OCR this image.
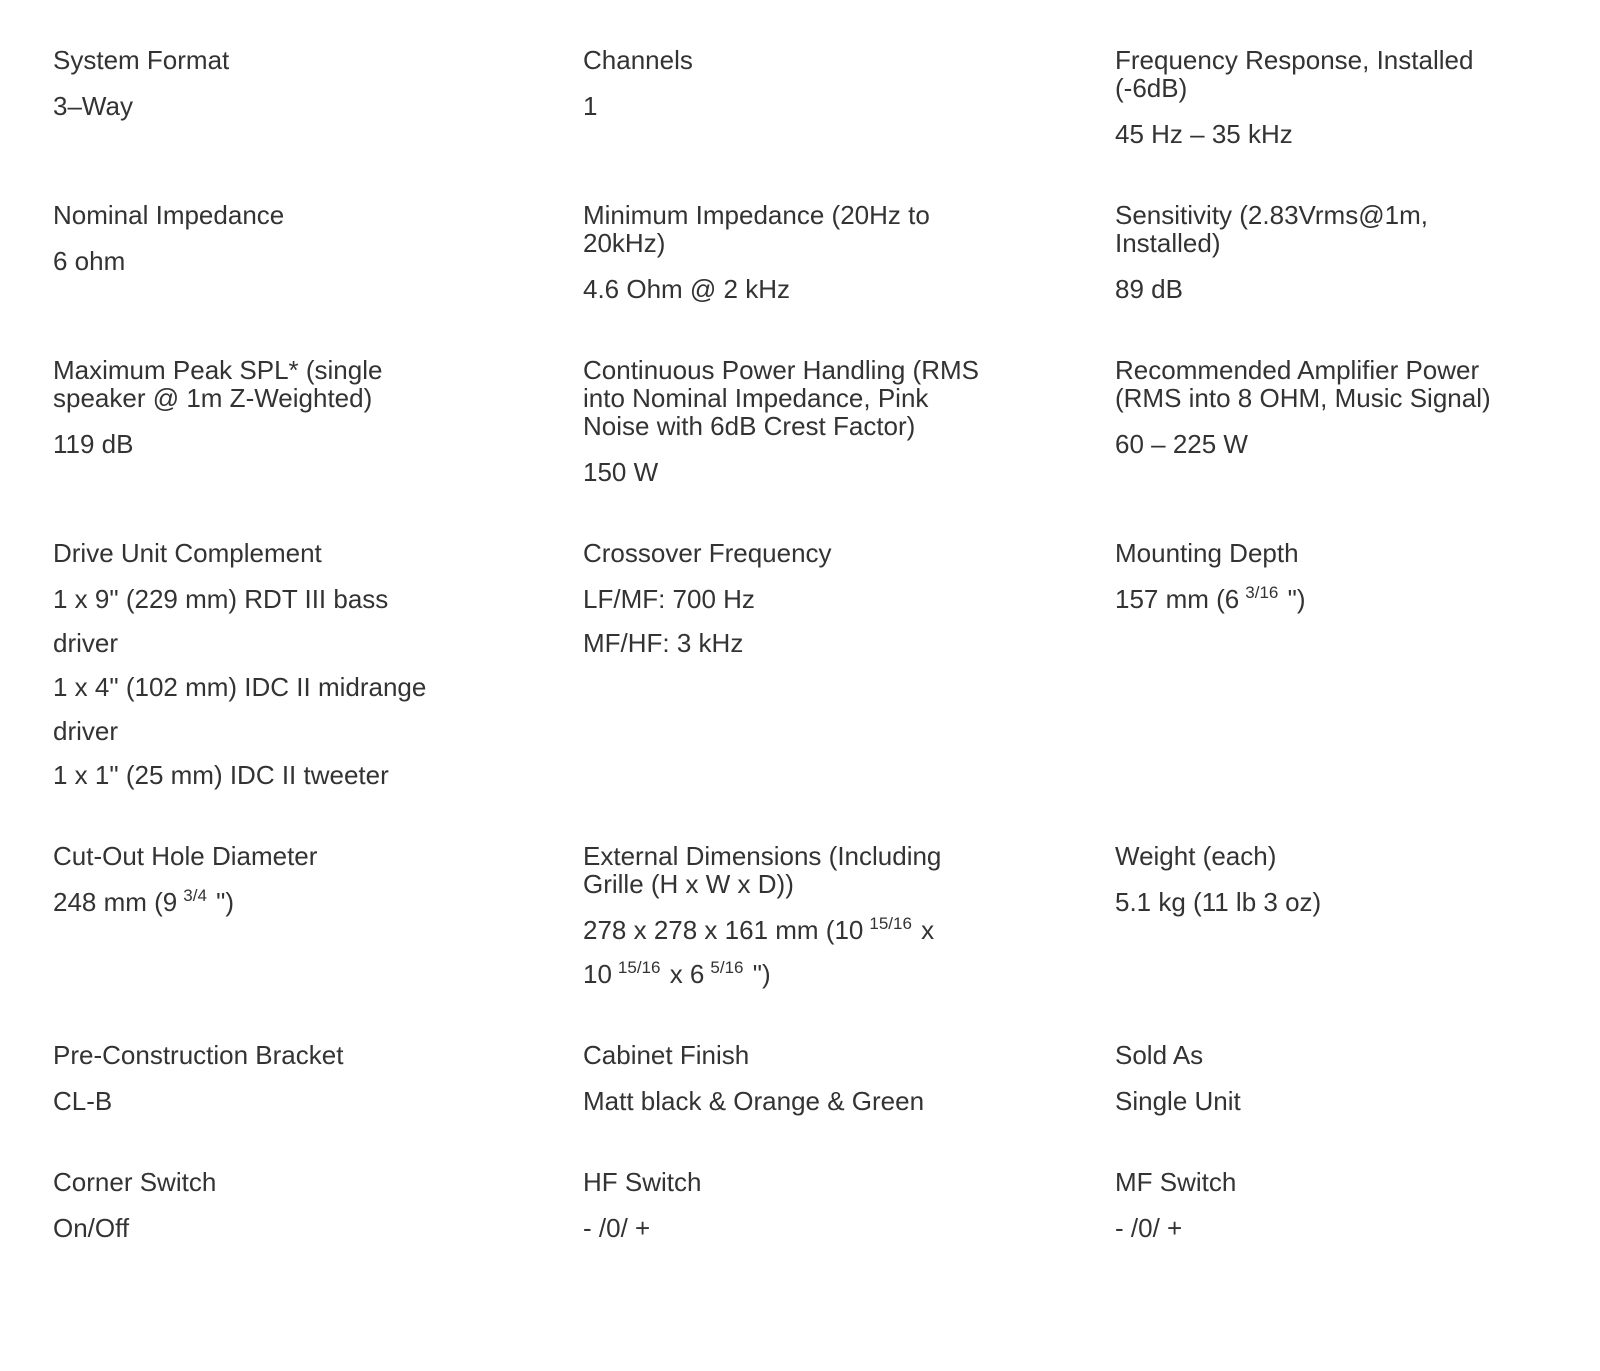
System Format
3–Way
Channels
1
Frequency Response, Installed
(-6dB)
45 Hz – 35 kHz
Nominal Impedance
6 ohm
Minimum Impedance (20Hz to
20kHz)
4.6 Ohm @ 2 kHz
Sensitivity (2.83Vrms@1m,
Installed)
89 dB
Maximum Peak SPL* (single
speaker @ 1m Z-Weighted)
119 dB
Continuous Power Handling (RMS
into Nominal Impedance, Pink
Noise with 6dB Crest Factor)
150 W
Recommended Amplifier Power
(RMS into 8 OHM, Music Signal)
60 – 225 W
Drive Unit Complement
1 x 9" (229 mm) RDT III bass
driver
1 x 4" (102 mm) IDC II midrange
driver
1 x 1" (25 mm) IDC II tweeter
Crossover Frequency
LF/MF: 700 Hz
MF/HF: 3 kHz
Mounting Depth
157 mm (6 $^{3/16}$ ")
Cut-Out Hole Diameter
248 mm (9 $^{3/4}$ ")
External Dimensions (Including
Grille (H x W x D))
278 x 278 x 161 mm (10 $^{15/16}$ x
10 $^{15/16}$ x 6 $^{5/16}$ ")
Weight (each)
5.1 kg (11 lb 3 oz)
Pre-Construction Bracket
CL-B
Cabinet Finish
Matt black & Orange & Green
Sold As
Single Unit
Corner Switch
On/Off
HF Switch
- /0/ +
MF Switch
- /0/ +
